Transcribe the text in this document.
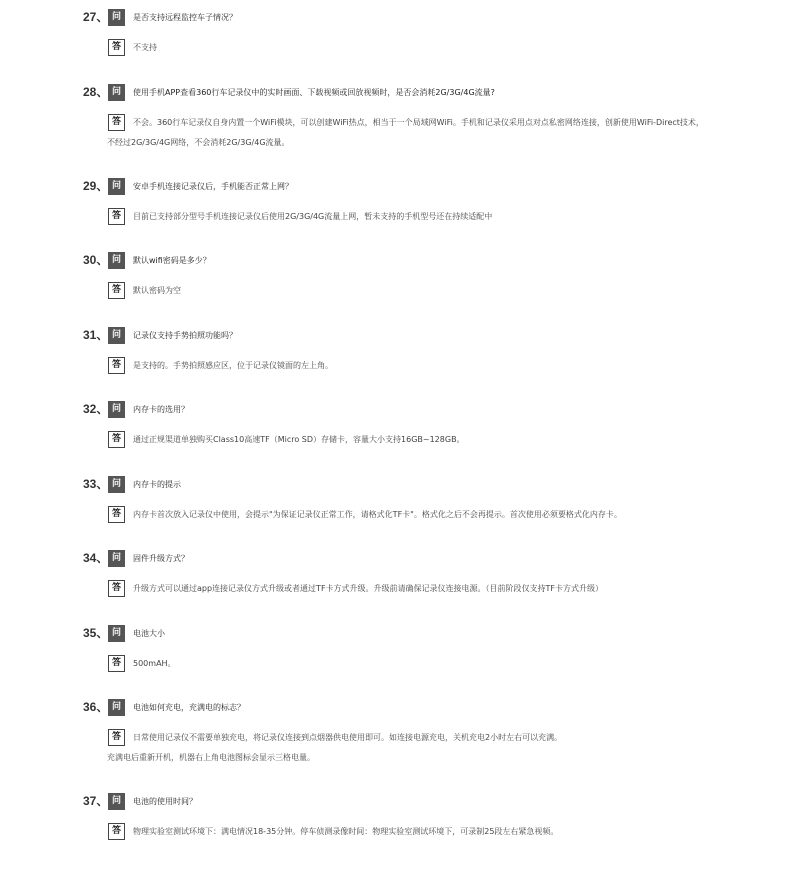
27、 问	是否支持远程监控车子情况？
答	不支持
28、 问	使用手机APP查看360行车记录仪中的实时画面、下载视频或回放视频时，是否会消耗2G/3G/4G流量?
答	不会。360行车记录仪自身内置一个WiFi模块，可以创建WiFi热点，相当于一个局域网WiFi。手机和记录仪采用点对点私密网络连接，创新使用WiFi-Direct技术，
不经过2G/3G/4G网络，不会消耗2G/3G/4G流量。
29、 问	安卓手机连接记录仪后，手机能否正常上网？
答	目前已支持部分型号手机连接记录仪后使用2G/3G/4G流量上网，暂未支持的手机型号还在持续适配中
30、 问	默认wifi密码是多少？
答	默认密码为空
31、 问	记录仪支持手势拍照功能吗？
答	是支持的。手势拍照感应区，位于记录仪镜面的左上角。
32、 问	内存卡的选用？
答	通过正规渠道单独购买Class10高速TF（Micro SD）存储卡，容量大小支持16GB~128GB。
33、 问	内存卡的提示
答	内存卡首次放入记录仪中使用，会提示"为保证记录仪正常工作，请格式化TF卡"。格式化之后不会再提示。首次使用必须要格式化内存卡。
34、 问	固件升级方式？
答	升级方式可以通过app连接记录仪方式升级或者通过TF卡方式升级。升级前请确保记录仪连接电源。（目前阶段仅支持TF卡方式升级）
35、 问	电池大小
答	500mAH。
36、 问	电池如何充电，充满电的标志？
答	日常使用记录仪不需要单独充电，将记录仪连接到点烟器供电使用即可。如连接电源充电，关机充电2小时左右可以充满。
充满电后重新开机，机器右上角电池图标会显示三格电量。
37、 问	电池的使用时间？
答	物理实验室测试环境下：满电情况18-35分钟。停车侦测录像时间：物理实验室测试环境下，可录制25段左右紧急视频。
